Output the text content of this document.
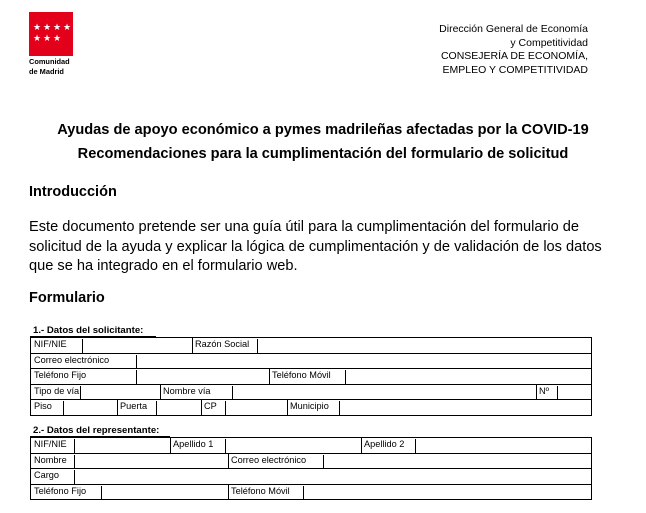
★ ★ ★ ★
★ ★ ★
Comunidad
de Madrid
Dirección General de Economía
y Competitividad
CONSEJERÍA DE ECONOMÍA,
EMPLEO Y COMPETITIVIDAD
Ayudas de apoyo económico a pymes madrileñas afectadas por la COVID-19
Recomendaciones para la cumplimentación del formulario de solicitud
Introducción
Este documento pretende ser una guía útil para la cumplimentación del formulario de
solicitud de la ayuda y explicar la lógica de cumplimentación y de validación de los datos
que se ha integrado en el formulario web.
Formulario
1.- Datos del solicitante:
NIF/NIE	Razón Social
Correo electrónico
Teléfono Fijo	Teléfono Móvil
Tipo de vía	Nombre vía	Nº
Piso	Puerta	CP	Municipio
2.- Datos del representante:
NIF/NIE	Apellido 1	Apellido 2
Nombre	Correo electrónico
Cargo
Teléfono Fijo	Teléfono Móvil
